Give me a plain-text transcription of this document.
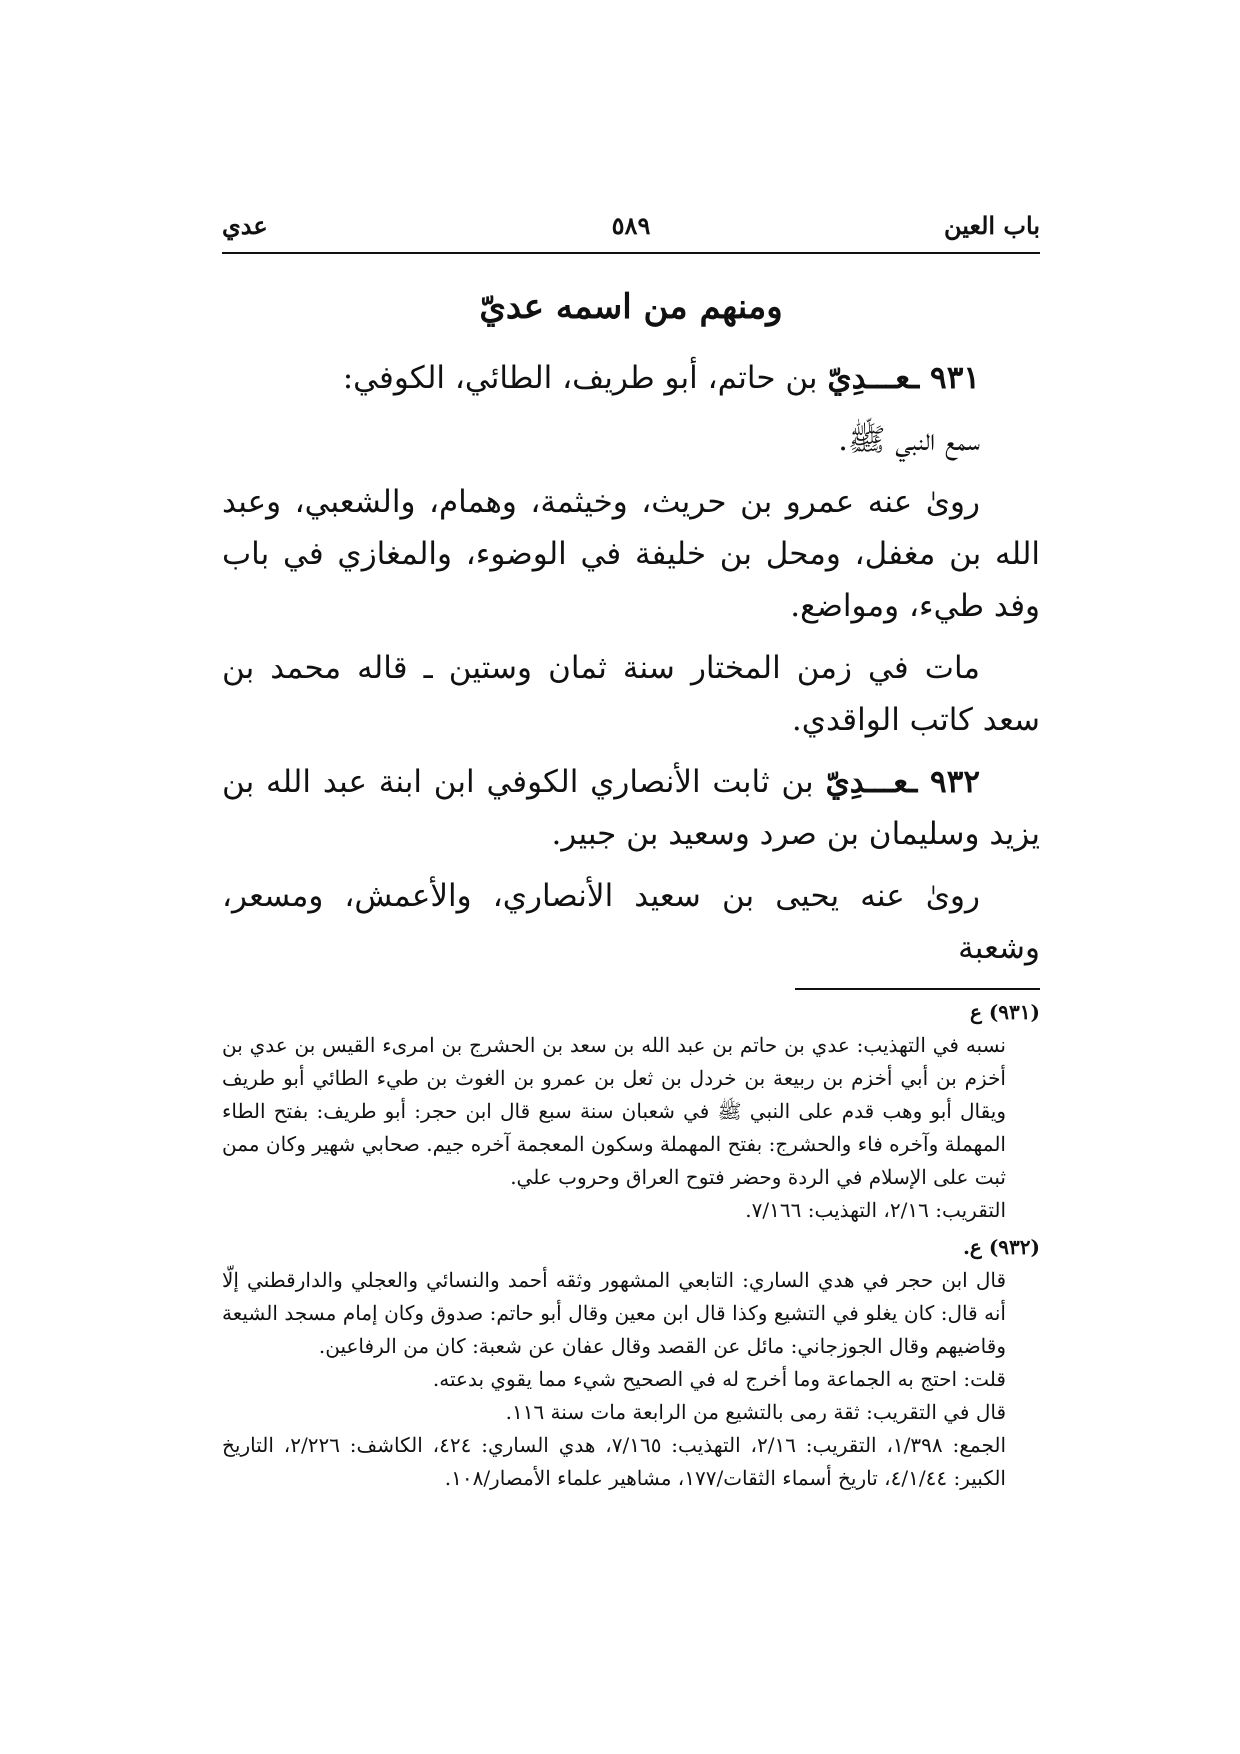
باب العين
٥٨٩
عدي
ومنهم من اسمه عديّ

٩٣١ ـعـــدِيّ بن حاتم، أبو طريف، الطائي، الكوفي:

سمع النبي ﷺ.

روىٰ عنه عمرو بن حريث، وخيثمة، وهمام، والشعبي، وعبد الله بن مغفل، ومحل بن خليفة في الوضوء، والمغازي في باب وفد طيء، ومواضع.

مات في زمن المختار سنة ثمان وستين ـ قاله محمد بن سعد كاتب الواقدي.

٩٣٢ ـعـــدِيّ بن ثابت الأنصاري الكوفي ابن ابنة عبد الله بن يزيد وسليمان بن صرد وسعيد بن جبير.

روىٰ عنه يحيى بن سعيد الأنصاري، والأعمش، ومسعر، وشعبة

(٩٣١) ع

نسبه في التهذيب: عدي بن حاتم بن عبد الله بن سعد بن الحشرج بن امرىء القيس بن عدي بن أخزم بن أبي أخزم بن ربيعة بن خردل بن ثعل بن عمرو بن الغوث بن طيء الطائي أبو طريف ويقال أبو وهب قدم على النبي ﷺ في شعبان سنة سبع قال ابن حجر: أبو طريف: بفتح الطاء المهملة وآخره فاء والحشرج: بفتح المهملة وسكون المعجمة آخره جيم. صحابي شهير وكان ممن ثبت على الإسلام في الردة وحضر فتوح العراق وحروب علي.

التقريب: ٢/١٦، التهذيب: ٧/١٦٦.

(٩٣٢) ع.

قال ابن حجر في هدي الساري: التابعي المشهور وثقه أحمد والنسائي والعجلي والدارقطني إلّا أنه قال: كان يغلو في التشيع وكذا قال ابن معين وقال أبو حاتم: صدوق وكان إمام مسجد الشيعة وقاضيهم وقال الجوزجاني: مائل عن القصد وقال عفان عن شعبة: كان من الرفاعين.

قلت: احتج به الجماعة وما أخرج له في الصحيح شيء مما يقوي بدعته.

قال في التقريب: ثقة رمى بالتشيع من الرابعة مات سنة ١١٦.

الجمع: ١/٣٩٨، التقريب: ٢/١٦، التهذيب: ٧/١٦٥، هدي الساري: ٤٢٤، الكاشف: ٢/٢٢٦، التاريخ الكبير: ٤/١/٤٤، تاريخ أسماء الثقات/١٧٧، مشاهير علماء الأمصار/١٠٨.
